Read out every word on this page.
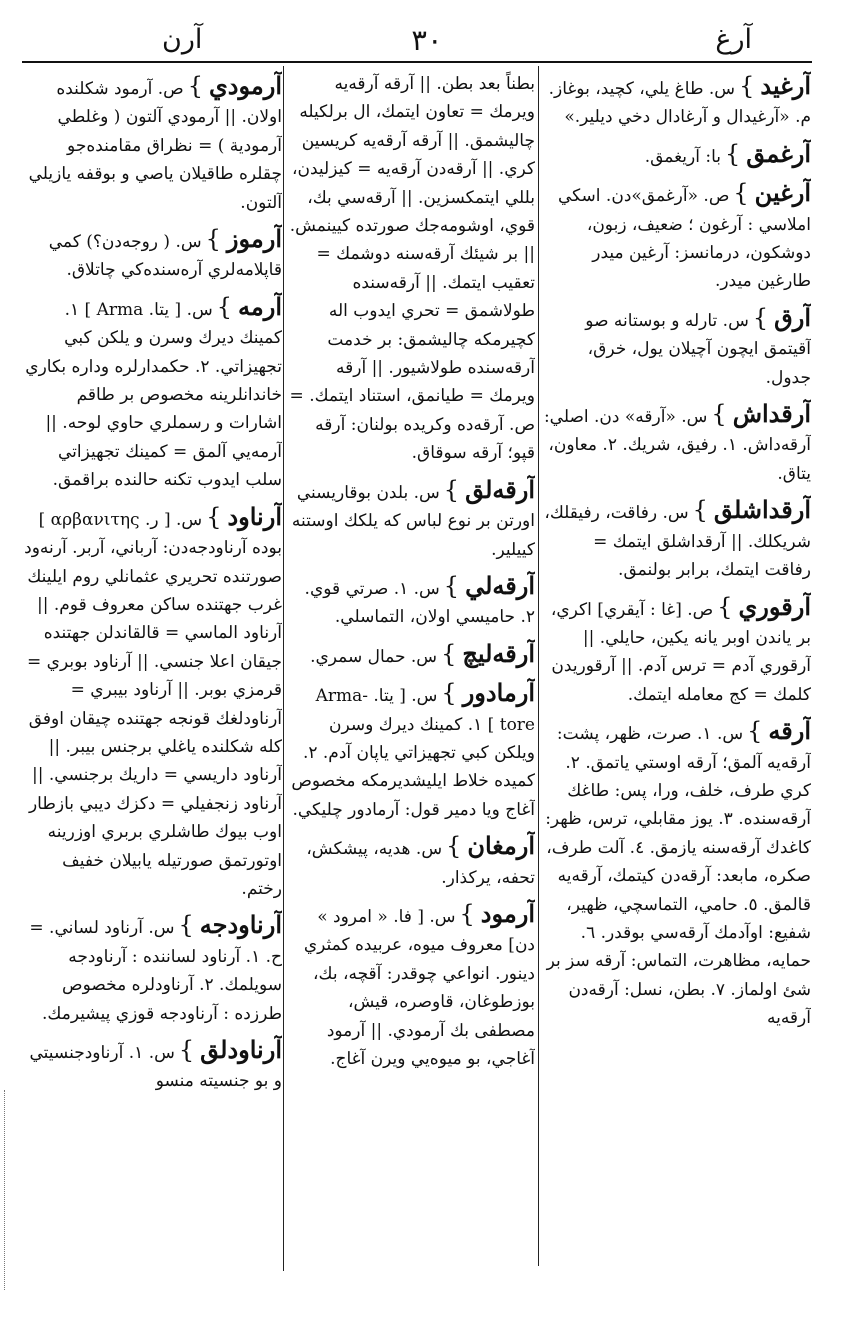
آرغ
٣٠
آرن

آرغيد}س. طاغ يلي، كچيد، بوغاز. م. «آرغيدال و آرغادال دخي ديلير.»

آرغمق}با: آريغمق.

آرغين}ص. «آرغمق»دن. اسكي املاسي : آرغون ؛ ضعيف، زبون، دوشكون، درمانسز: آرغين ميدر طارغين ميدر.

آرق}س. تارله و بوستانه صو آقيتمق ايچون آچيلان يول، خرق، جدول.

آرقداش}س. «آرقه» دن. اصلي: آرقه‌داش. ١. رفيق، شريك. ٢. معاون، يتاق.

آرقداشلق}س. رفاقت، رفيقلك، شريكلك. || آرقداشلق ايتمك = رفاقت ايتمك، برابر بولنمق.

آرقوري}ص. [غا : آيقري] اكري، بر ياندن اوبر يانه يكين، حايلي. || آرقوري آدم = ترس آدم. || آرقوريدن كلمك = كج معامله ايتمك.

آرقه}س. ١. صرت، ظهر، پشت: آرقه‌يه آلمق؛ آرقه اوستي ياتمق. ٢. كري طرف، خلف، ورا، پس: طاغك آرقه‌سنده. ٣. يوز مقابلي، ترس، ظهر: كاغدك آرقه‌سنه يازمق. ٤. آلت طرف، صكره، مابعد: آرقه‌دن كيتمك، آرقه‌يه قالمق. ٥. حامي، التماسچي، ظهير، شفيع: اوآدمك آرقه‌سي بوقدر. ٦. حمايه، مظاهرت، التماس: آرقه سز بر شئ اولماز. ٧. بطن، نسل: آرقه‌دن آرقه‌يه

بطناً بعد بطن. || آرقه آرقه‌يه ويرمك = تعاون ايتمك، ال برلكيله چاليشمق. || آرقه آرقه‌يه كريسين كري. || آرقه‌دن آرقه‌يه = كيزليدن، بللي ايتمكسزين. || آرقه‌سي بك، قوي، اوشومه‌جك صورتده كيينمش. || بر شيئك آرقه‌سنه دوشمك = تعقيب ايتمك. || آرقه‌سنده طولاشمق = تحري ايدوب اله كچيرمكه چاليشمق: بر خدمت آرقه‌سنده طولاشيور. || آرقه ويرمك = طيانمق، استناد ايتمك. = ص. آرقه‌ده وكريده بولنان: آرقه قپو؛ آرقه سوقاق.

آرقه‌لق}س. بلدن بوقاريسني اورتن بر نوع لباس كه يلكك اوستنه كييلير.

آرقه‌لي}س. ١. صرتي قوي. ٢. حاميسي اولان، التماسلي.

آرقه‌ليچ}س. حمال سمري.

آرمادور}س. [ يتا. Arma- tore ] ١. كمينك ديرك وسرن ويلكن كبي تجهيزاتي ياپان آدم. ٢. كميده خلاط ايليشديرمكه مخصوص آغاج ويا دمير قول: آرمادور چليكي.

آرمغان}س. هديه، پيشكش، تحفه، يركذار.

آرمود}س. [ فا. « امرود » دن] معروف ميوه، عربيده كمثري دينور. انواعي چوقدر: آقچه، بك، بوزطوغان، قاوصره، قيش، مصطفى بك آرمودي. || آرمود آغاجي، بو ميوه‌يي ويرن آغاج.

آرمودي}ص. آرمود شكلنده اولان. || آرمودي آلتون ( وغلطي آرمودية ) = نظراق مقامنده‌جو چقلره طاقيلان ياصي و بوقفه يازيلي آلتون.

آرموز}س. ( روجه‌دن؟) كمي قاپلامه‌لري آره‌سنده‌كي چاتلاق.

آرمه}س. [ يتا. Arma ] ١. كمينك ديرك وسرن و يلكن كبي تجهيزاتي. ٢. حكمدارلره وداره بكاري خاندانلرينه مخصوص بر طاقم اشارات و رسملري حاوي لوحه. || آرمه‌يي آلمق = كمينك تجهيزاتي سلب ايدوب تكنه حالنده براقمق.

آرناود}س. [ ر. αρβανιτης ] بوده آرناودجه‌دن: آرباني، آربر. آرنه‌ود صورتنده تحريري عثمانلي روم ايلينك غرب جهتنده ساكن معروف قوم. || آرناود الماسي = قالقاندلن جهتنده جيقان اعلا جنسي. || آرناود بوبري = قرمزي بوبر. || آرناود بيبري = آرناودلغك قونجه جهتنده چيقان اوفق كله شكلنده ياغلي برجنس بيبر. || آرناود داريسي = داريك برجنسي. || آرناود زنجفيلي = دكزك ديبي بازطار اوب بيوك طاشلري بربري اوزرينه اوتورتمق صورتيله يابيلان خفيف رختم.

آرناودجه}س. آرناود لساني. = ح. ١. آرناود لساننده : آرناودجه سويلمك. ٢. آرناودلره مخصوص طرزده : آرناودجه قوزي پيشيرمك.

آرناودلق}س. ١. آرناودجنسيتي و بو جنسيته منسو
